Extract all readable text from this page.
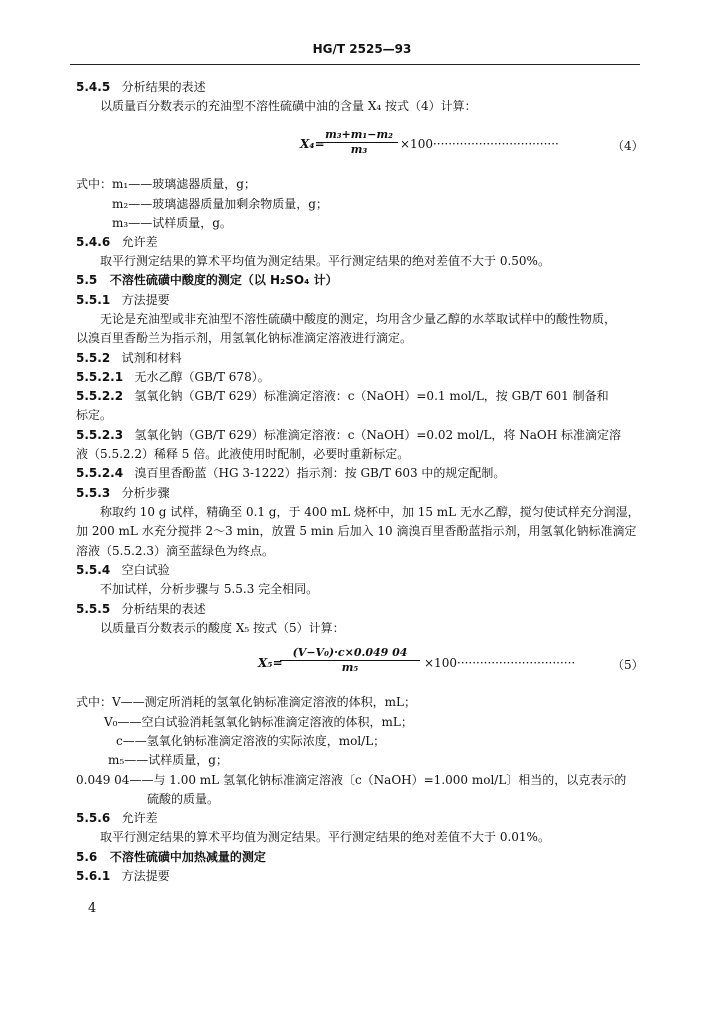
HG/T 2525—93
5.4.5 分析结果的表述
以质量百分数表示的充油型不溶性硫磺中油的含量 X₄ 按式（4）计算：
X₄=
$\frac{\text{m₃+m₁−m₂}}{\text{m₃}} \times 100\cdot\cdot\cdot\cdot\cdot\cdot\cdot\cdot\cdot\cdot\cdot\cdot\cdot\cdot\cdot\cdot\cdot\cdot\cdot\cdot\cdot\cdot\cdot\cdot\cdot\cdot\cdot\cdot\cdot\cdot\cdot\cdot\cdot$	（4）
式中：m₁——玻璃滤器质量，g；
m₂——玻璃滤器质量加剩余物质量，g；
m₃——试样质量，g。
5.4.6 允许差
取平行测定结果的算术平均值为测定结果。平行测定结果的绝对差值不大于 0.50%。
5.5 不溶性硫磺中酸度的测定（以 H₂SO₄ 计）
5.5.1 方法提要
无论是充油型或非充油型不溶性硫磺中酸度的测定，均用含少量乙醇的水萃取试样中的酸性物质，
以溴百里香酚兰为指示剂，用氢氧化钠标准滴定溶液进行滴定。
5.5.2 试剂和材料
5.5.2.1 无水乙醇（GB/T 678）。
5.5.2.2 氢氧化钠（GB/T 629）标准滴定溶液：c（NaOH）=0.1 mol/L，按 GB/T 601 制备和
标定。
5.5.2.3 氢氧化钠（GB/T 629）标准滴定溶液：c（NaOH）=0.02 mol/L，将 NaOH 标准滴定溶
液（5.5.2.2）稀释 5 倍。此液使用时配制，必要时重新标定。
5.5.2.4 溴百里香酚蓝（HG 3-1222）指示剂：按 GB/T 603 中的规定配制。
5.5.3 分析步骤
称取约 10 g 试样，精确至 0.1 g，于 400 mL 烧杯中，加 15 mL 无水乙醇，搅匀使试样充分润湿，
加 200 mL 水充分搅拌 2～3 min，放置 5 min 后加入 10 滴溴百里香酚蓝指示剂，用氢氧化钠标准滴定
溶液（5.5.2.3）滴至蓝绿色为终点。
5.5.4 空白试验
不加试样，分析步骤与 5.5.3 完全相同。
5.5.5 分析结果的表述
以质量百分数表示的酸度 X₅ 按式（5）计算：
X₅=
$\frac{\text{(V−V₀)·c×0.049 04}}{\text{m₅}} \times 100\cdot\cdot\cdot\cdot\cdot\cdot\cdot\cdot\cdot\cdot\cdot\cdot\cdot\cdot\cdot\cdot\cdot\cdot\cdot\cdot\cdot\cdot\cdot\cdot\cdot\cdot\cdot\cdot\cdot\cdot\cdot$	（5）
式中：V——测定所消耗的氢氧化钠标准滴定溶液的体积，mL；
V₀——空白试验消耗氢氧化钠标准滴定溶液的体积，mL；
c——氢氧化钠标准滴定溶液的实际浓度，mol/L；
m₅——试样质量，g；
0.049 04——与 1.00 mL 氢氧化钠标准滴定溶液〔c（NaOH）=1.000 mol/L〕相当的，以克表示的
硫酸的质量。
5.5.6 允许差
取平行测定结果的算术平均值为测定结果。平行测定结果的绝对差值不大于 0.01%。
5.6 不溶性硫磺中加热减量的测定
5.6.1 方法提要
4
